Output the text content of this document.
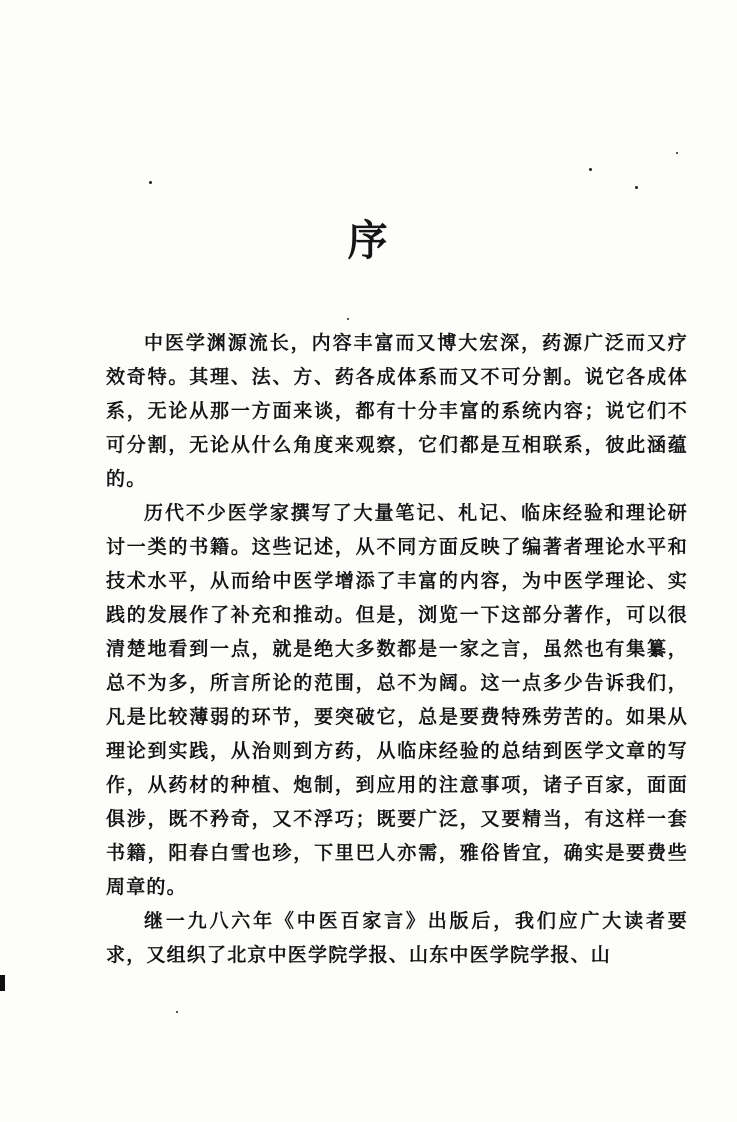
序

中医学渊源流长，内容丰富而又博大宏深，药源广泛而又疗效奇特。其理、法、方、药各成体系而又不可分割。说它各成体系，无论从那一方面来谈，都有十分丰富的系统内容；说它们不可分割，无论从什么角度来观察，它们都是互相联系，彼此涵蕴的。

历代不少医学家撰写了大量笔记、札记、临床经验和理论研讨一类的书籍。这些记述，从不同方面反映了编著者理论水平和技术水平，从而给中医学增添了丰富的内容，为中医学理论、实践的发展作了补充和推动。但是，浏览一下这部分著作，可以很清楚地看到一点，就是绝大多数都是一家之言，虽然也有集纂，总不为多，所言所论的范围，总不为阔。这一点多少告诉我们，凡是比较薄弱的环节，要突破它，总是要费特殊劳苦的。如果从理论到实践，从治则到方药，从临床经验的总结到医学文章的写作，从药材的种植、炮制，到应用的注意事项，诸子百家，面面俱涉，既不矜奇，又不浮巧；既要广泛，又要精当，有这样一套书籍，阳春白雪也珍，下里巴人亦需，雅俗皆宜，确实是要费些周章的。

继一九八六年《中医百家言》出版后，我们应广大读者要求，又组织了北京中医学院学报、山东中医学院学报、山
